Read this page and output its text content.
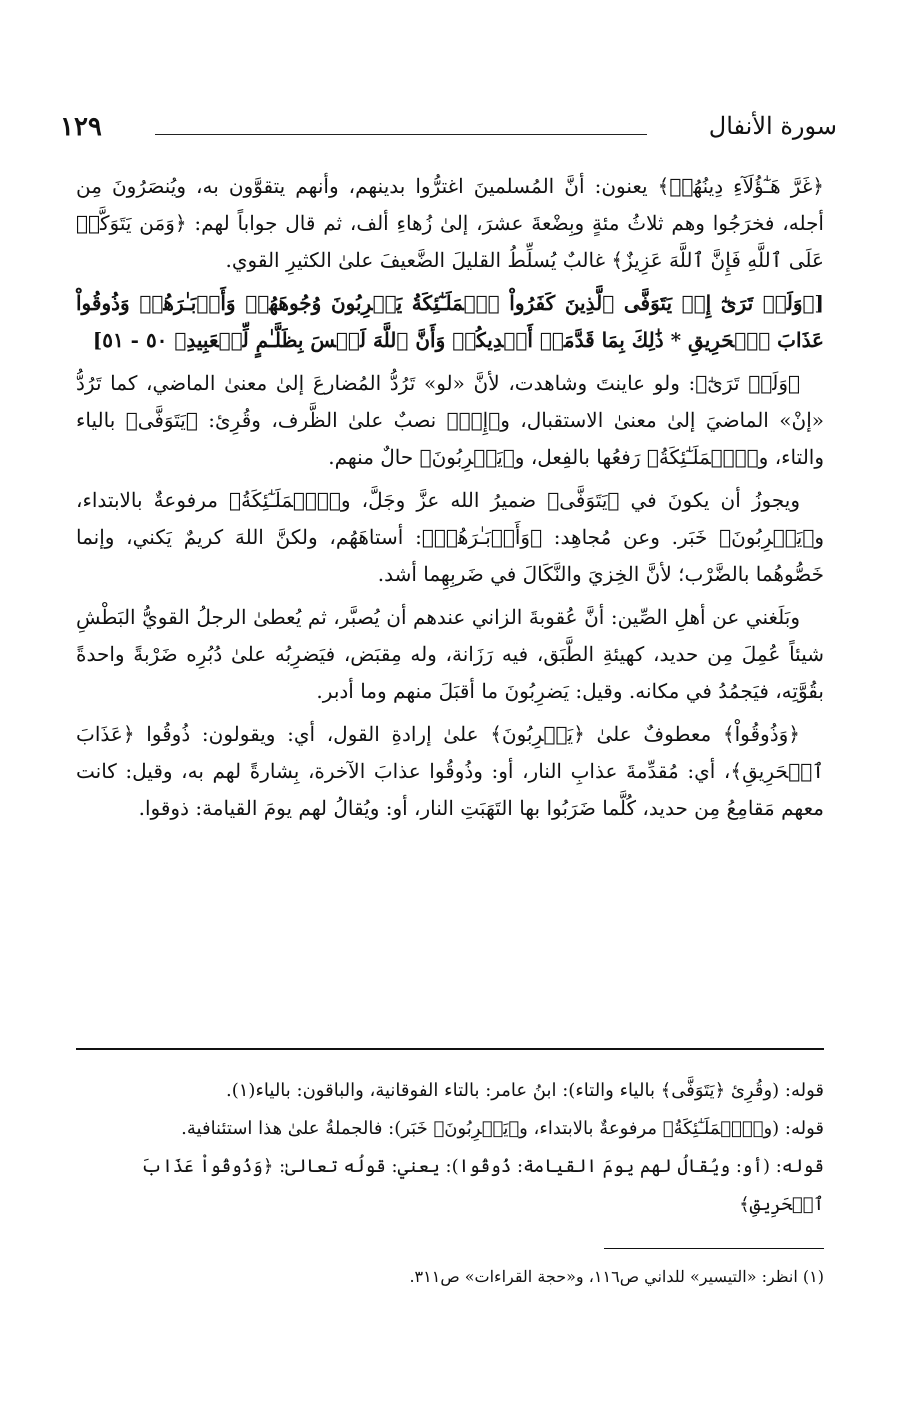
سورة الأنفال
١٢٩

﴿غَرَّ هَـٰٓؤُلَآءِ دِينُهُمۡ﴾ يعنون: أنَّ المُسلمينَ اغترُّوا بدينهم، وأنهم يتقوَّون به، ويُنصَرُونَ مِن أجله، فخرَجُوا وهم ثلاثُ مئةٍ وبِضْعةَ عشرَ، إلىٰ زُهاءِ ألف، ثم قال جواباً لهم: ﴿وَمَن يَتَوَكَّلۡ عَلَى ٱللَّهِ فَإِنَّ ٱللَّهَ عَزِيزٌ﴾ غالبٌ يُسلِّطُ القليلَ الضَّعيفَ علىٰ الكثيرِ القوي.

[﴿وَلَوۡ تَرَىٰٓ إِذۡ يَتَوَفَّى ٱلَّذِينَ كَفَرُواْ ٱلۡمَلَـٰٓئِكَةُ يَضۡرِبُونَ وُجُوهَهُمۡ وَأَدۡبَـٰرَهُمۡ وَذُوقُواْ عَذَابَ ٱلۡحَرِيقِ * ذَٰلِكَ بِمَا قَدَّمَتۡ أَيۡدِيكُمۡ وَأَنَّ ٱللَّهَ لَيۡسَ بِظَلَّـٰمٍ لِّلۡعَبِيدِ﴾ ٥٠ - ٥١]

﴿وَلَوۡ تَرَىٰٓ﴾: ولو عاينتَ وشاهدت، لأنَّ «لو» تَرُدُّ المُضارعَ إلىٰ معنىٰ الماضي، كما تَرُدُّ «إنْ» الماضيَ إلىٰ معنىٰ الاستقبال، و﴿إِذۡ﴾ نصبٌ علىٰ الظَّرف، وقُرِئ: ﴿يَتَوَفَّى﴾ بالياء والتاء، و﴿ٱلۡمَلَـٰٓئِكَةُ﴾ رَفعُها بالفِعل، و﴿يَضۡرِبُونَ﴾ حالٌ منهم.

ويجوزُ أن يكونَ في ﴿يَتَوَفَّى﴾ ضميرُ الله عزَّ وجَلَّ، و﴿ٱلۡمَلَـٰٓئِكَةُ﴾ مرفوعةٌ بالابتداء، و﴿يَضۡرِبُونَ﴾ خَبَر. وعن مُجاهِد: ﴿وَأَدۡبَـٰرَهُمۡ﴾: أستاهَهُم، ولكنَّ اللهَ كريمٌ يَكني، وإنما خَصُّوهُما بالضَّرْب؛ لأنَّ الخِزيَ والنَّكَالَ في ضَربِهِما أشد.

وبَلَغني عن أهلِ الصِّين: أنَّ عُقوبةَ الزاني عندهم أن يُصبَّر، ثم يُعطىٰ الرجلُ القويُّ البَطْشِ شيئاً عُمِلَ مِن حديد، كهيئةِ الطَّبَق، فيه رَزَانة، وله مِقبَض، فيَضرِبُه علىٰ دُبُرِه ضَرْبةً واحدةً بقُوَّتِه، فيَجمُدُ في مكانه. وقيل: يَضرِبُونَ ما أقبَلَ منهم وما أدبر.

﴿وَذُوقُواْ﴾ معطوفٌ علىٰ ﴿يَضۡرِبُونَ﴾ علىٰ إرادةِ القول، أي: ويقولون: ذُوقُوا ﴿عَذَابَ ٱلۡحَرِيقِ﴾، أي: مُقدِّمةَ عذابِ النار، أو: وذُوقُوا عذابَ الآخرة، بِشارةً لهم به، وقيل: كانت معهم مَقامِعُ مِن حديد، كُلَّما ضَرَبُوا بها التَهَبَتِ النار، أو: ويُقالُ لهم يومَ القيامة: ذوقوا.

قوله: (وقُرِئ ﴿يَتَوَفَّى﴾ بالياء والتاء): ابنُ عامر: بالتاء الفوقانية، والباقون: بالياء(١).

قوله: (و﴿ٱلۡمَلَـٰٓئِكَةُ﴾ مرفوعةٌ بالابتداء، و﴿يَضۡرِبُونَ﴾ خَبَر): فالجملةُ علىٰ هذا استئنافية.

قوله: (أو: ويُقالُ لهم يومَ القيامة: ذُوقُوا): يعني: قولُه تعالىٰ: ﴿وَذُوقُواْ عَذَابَ ٱلۡحَرِيقِ﴾

(١) انظر: «التيسير» للداني ص١١٦، و«حجة القراءات» ص٣١١.
